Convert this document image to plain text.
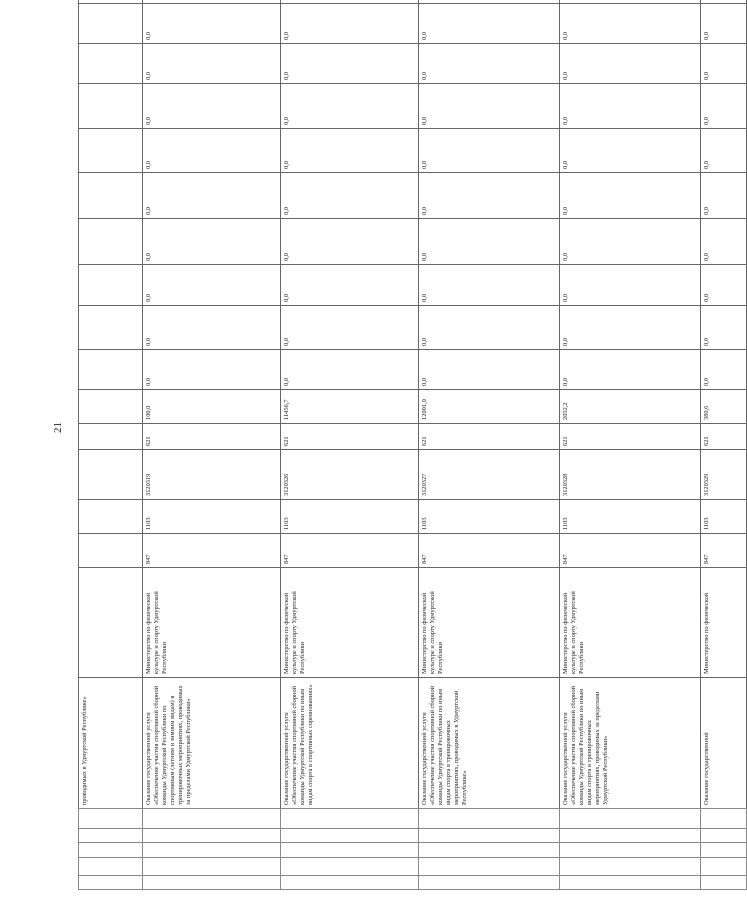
21
					проводимых в Удмуртской Республике»																		
					Оказание государственной услуги «Обеспечение участия спортивной сборной команды Удмуртской Республики по спортивным (летним и зимним видам) в тренировочных мероприятиях, проводимых за пределами Удмуртской Республики»	Министерство по физической культуре и спорту Удмуртской Республики	847	1103	3120319	621	100,0	0,0	0,0	0,0	0,0	0,0	0,0	0,0	0,0	0,0			
					Оказание государственной услуги «Обеспечение участия спортивной сборной команды Удмуртской Республики по иным видам спорта в спортивных соревнованиях»	Министерство по физической культуре и спорту Удмуртской Республики	847	1103	3120326	621	11456,7	0,0	0,0	0,0	0,0	0,0	0,0	0,0	0,0	0,0			
					Оказание государственной услуги «Обеспечение участия спортивной сборной команды Удмуртской Республики по иным видам спорта в тренировочных мероприятиях, проводимых в Удмуртской Республике»	Министерство по физической культуре и спорту Удмуртской Республики	847	1103	3120327	621	12001,0	0,0	0,0	0,0	0,0	0,0	0,0	0,0	0,0	0,0			
					Оказание государственной услуги «Обеспечение участия спортивной сборной команды Удмуртской Республики по иным видам спорта в тренировочных мероприятиях, проводимых за пределами Удмуртской Республики»	Министерство по физической культуре и спорту Удмуртской Республики	847	1103	3120328	621	2032,2	0,0	0,0	0,0	0,0	0,0	0,0	0,0	0,0	0,0			
					Оказание государственной	Министерство по физической	847	1103	3120329	621	380,6	0,0	0,0	0,0	0,0	0,0	0,0	0,0	0,0	0,0			
